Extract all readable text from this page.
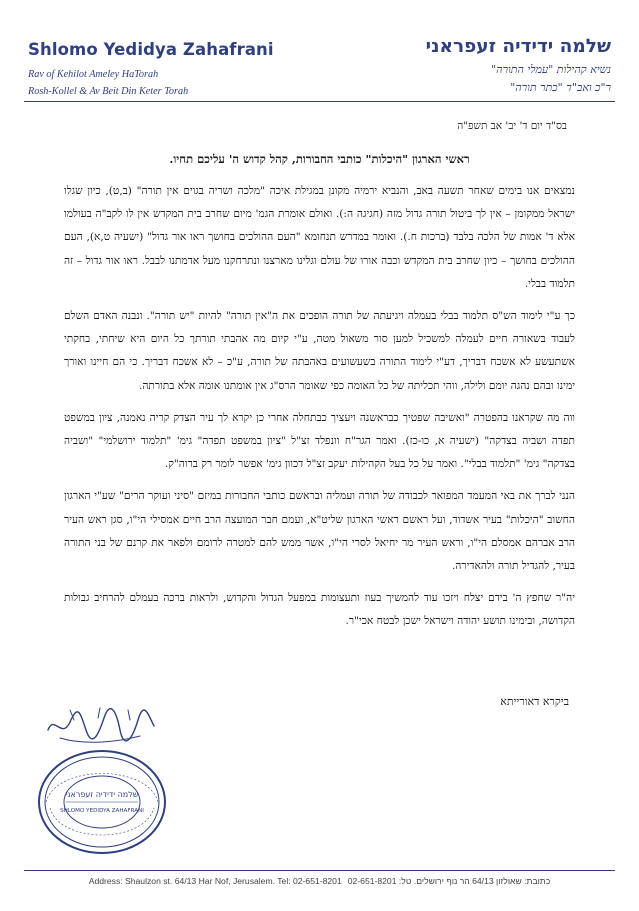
Shlomo Yedidya Zahafrani
Rav of Kehilot Ameley HaTorah
Rosh-Kollel & Av Beit Din Keter Torah
שלמה ידידיה זעפראני
נשיא קהילות "עמלי התורה"
ר"כ ואב"ד "כתר תורה"
בס"ד יום ד' יב' אב תשפ"ה
ראשי הארגון "היכלות" כותבי החבורות, קהל קדוש ה' עליכם תחיו.

נמצאים אנו בימים שאחר תשעה באב, והנביא ירמיה מקונן במגילת איכה "מלכה ושריה בגוים אין תורה" (ב,ט), כיון שגלו ישראל ממקומן – אין לך ביטול תורה גדול מזה (חגיגה ה:). ואולם אומרת הגמ' מיום שחרב בית המקדש אין לו לקב"ה בעולמו אלא ד' אמות של הלכה בלבד (ברכות ח.). ואומר במדרש תנחומא "העם ההולכים בחושך ראו אור גדול" (ישעיה ט,א), העם ההולכים בחושך – כיון שחרב בית המקדש וכבה אורו של עולם וגלינו מארצנו ונתרחקנו מעל אדמתנו לבבל. ראו אור גדול – זה תלמוד בבלי.

כך ע"י לימוד הש"ס תלמוד בבלי בעמלה ויגיעתה של תורה הופכים את ה"אין תורה" להיות "יש תורה". ונבנה האדם השלם לעבוד בשאורה חיים לעמלה למשכיל למען סור משאול מטה, ע"י קיום מה אהבתי תורתך כל היום היא שיחתי, בחקתי אשתעשע לא אשכח דבריך, דע"י לימוד התורה בשעשועים באהבתה של תורה, ע"כ – לא אשכח דבריך. כי הם חיינו ואורך ימינו ובהם נהגה יומם ולילה, ווהי תכליתה של כל האומה כפי שאומר הרס"ג אין אומתנו אומה אלא בתורתה.

ווה מה שקראנו בהפטרה "ואשיבה שפטיך כבראשנה ויעציך כבתחלה אחרי כן יקרא לך עיר הצדק קריה נאמנה, ציון במשפט תפדה ושביה בצדקה" (ישעיה א, כו-כז). ואמר הגר"ח וונפלד זצ"ל "ציון במשפט תפדה" גימ' "תלמוד ירושלמי" "ושביה בצדקה" גימ' "תלמוד בבלי". ואמר על כל בעל הקהילות יעקב זצ"ל דכוון גימ' אפשר לומר רק ברוה"ק.

הנני לברך את באי המעמד המפואר לכבודה של תורה ועמליה ובראשם כותבי החבורות במיזם "סיני ועוקר הרים" שע"י הארגון החשוב "היכלות" בעיר אשדוד, ועל ראשם ראשי הארגון שליט"א, ועמם חבר המועצה הרב חיים אמסילי הי"ו, סגן ראש העיר הרב אברהם אמסלם הי"ו, וראש העיר מר יחיאל לסרי הי"ו, אשר ממש להם למטרה לרומם ולפאר את קרנם של בני התורה בעיר, להגדיל תורה ולהאדירה.

יה"ר שחפץ ה' בידם יצלח ויזכו עוד להמשיך בעוז ותעצומות במפעל הגדול והקדוש, ולראות ברכה בעמלם להרחיב גבולות הקדושה, ובימינו תושע יהודה וישראל ישכן לבטח אכי"ר.

ביקרא דאורייתא
שלמה ידידיה זעפראני
SHLOMO YEDIDYA ZAHAFRANI
Address: Shaulzon st. 64/13 Har Nof, Jerusalem. Tel: 02-651-8201 כתובת: שאולזון 64/13 הר נוף ירושלים. טל: 02-651-8201
